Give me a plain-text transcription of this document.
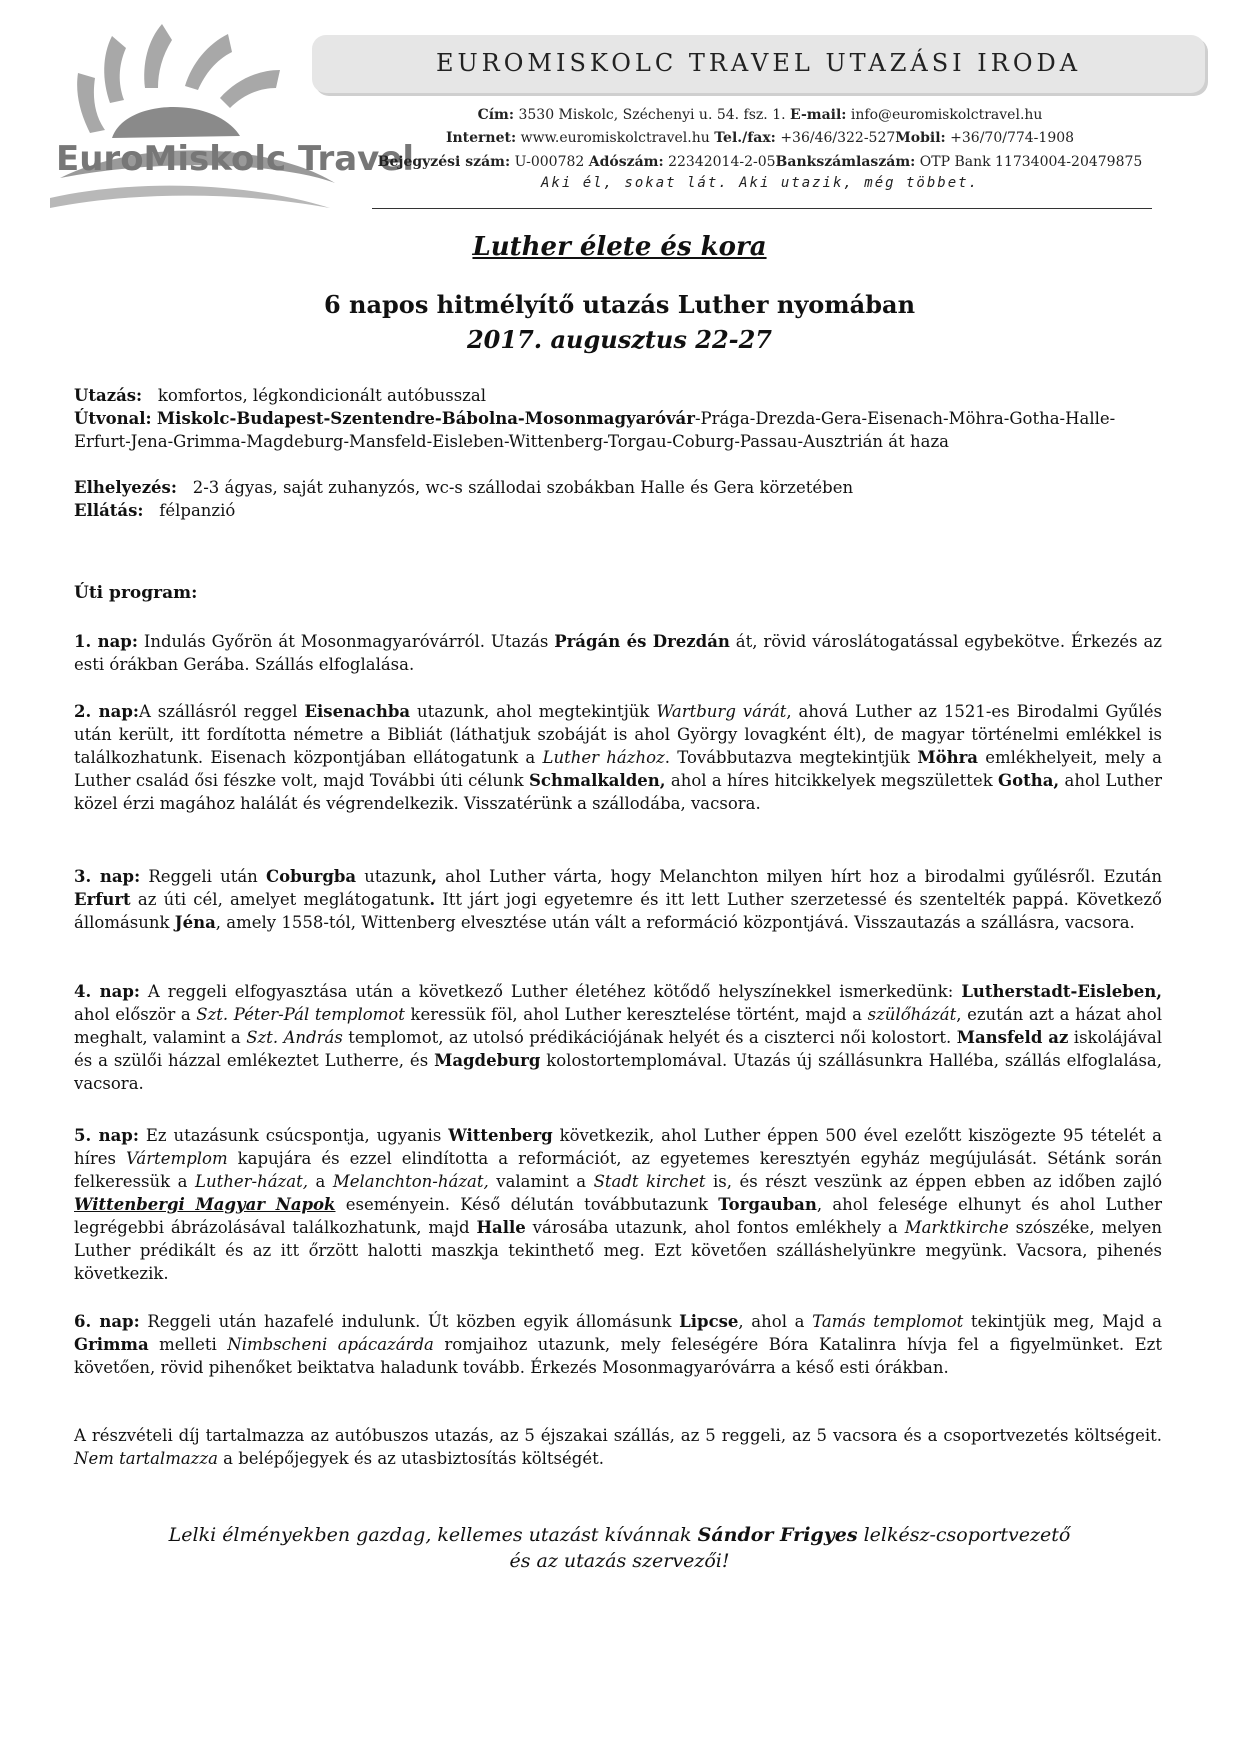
EuroMiskolc Travel
EUROMISKOLC TRAVEL UTAZÁSI IRODA
Cím: 3530 Miskolc, Széchenyi u. 54. fsz. 1. E-mail: info@euromiskolctravel.hu
Internet: www.euromiskolctravel.hu Tel./fax: +36/46/322-527Mobil: +36/70/774-1908
Bejegyzési szám: U-000782 Adószám: 22342014-2-05Bankszámlaszám: OTP Bank 11734004-20479875
Aki él, sokat lát. Aki utazik, még többet.
Luther élete és kora
6 napos hitmélyítő utazás Luther nyomában
2017. augusztus 22-27
Utazás: komfortos, légkondicionált autóbusszal
Útvonal: Miskolc-Budapest-Szentendre-Bábolna-Mosonmagyaróvár-Prága-Drezda-Gera-Eisenach-Möhra-Gotha-Halle-Erfurt-Jena-Grimma-Magdeburg-Mansfeld-Eisleben-Wittenberg-Torgau-Coburg-Passau-Ausztrián át haza
Elhelyezés: 2-3 ágyas, saját zuhanyzós, wc-s szállodai szobákban Halle és Gera körzetében
Ellátás: félpanzió
Úti program:
1. nap: Indulás Győrön át Mosonmagyaróvárról. Utazás Prágán és Drezdán át, rövid városlátogatással egybekötve. Érkezés az esti órákban Gerába. Szállás elfoglalása.
2. nap:A szállásról reggel Eisenachba utazunk, ahol megtekintjük Wartburg várát, ahová Luther az 1521-es Birodalmi Gyűlés után került, itt fordította németre a Bibliát (láthatjuk szobáját is ahol György lovagként élt), de magyar történelmi emlékkel is találkozhatunk. Eisenach központjában ellátogatunk a Luther házhoz. Továbbutazva megtekintjük Möhra emlékhelyeit, mely a Luther család ősi fészke volt, majd További úti célunk Schmalkalden, ahol a híres hitcikkelyek megszülettek Gotha, ahol Luther közel érzi magához halálát és végrendelkezik. Visszatérünk a szállodába, vacsora.
3. nap: Reggeli után Coburgba utazunk, ahol Luther várta, hogy Melanchton milyen hírt hoz a birodalmi gyűlésről. Ezután Erfurt az úti cél, amelyet meglátogatunk. Itt járt jogi egyetemre és itt lett Luther szerzetessé és szentelték pappá. Következő állomásunk Jéna, amely 1558-tól, Wittenberg elvesztése után vált a reformáció központjává. Visszautazás a szállásra, vacsora.
4. nap: A reggeli elfogyasztása után a következő Luther életéhez kötődő helyszínekkel ismerkedünk: Lutherstadt-Eisleben, ahol először a Szt. Péter-Pál templomot keressük föl, ahol Luther keresztelése történt, majd a szülőházát, ezután azt a házat ahol meghalt, valamint a Szt. András templomot, az utolsó prédikációjának helyét és a ciszterci női kolostort. Mansfeld az iskolájával és a szülői házzal emlékeztet Lutherre, és Magdeburg kolostortemplomával. Utazás új szállásunkra Halléba, szállás elfoglalása, vacsora.
5. nap: Ez utazásunk csúcspontja, ugyanis Wittenberg következik, ahol Luther éppen 500 ével ezelőtt kiszögezte 95 tételét a híres Vártemplom kapujára és ezzel elindította a reformációt, az egyetemes keresztyén egyház megújulását. Sétánk során felkeressük a Luther-házat, a Melanchton-házat, valamint a Stadt kirchet is, és részt veszünk az éppen ebben az időben zajló Wittenbergi Magyar Napok eseményein. Késő délután továbbutazunk Torgauban, ahol felesége elhunyt és ahol Luther legrégebbi ábrázolásával találkozhatunk, majd Halle városába utazunk, ahol fontos emlékhely a Marktkirche szószéke, melyen Luther prédikált és az itt őrzött halotti maszkja tekinthető meg. Ezt követően szálláshelyünkre megyünk. Vacsora, pihenés következik.
6. nap: Reggeli után hazafelé indulunk. Út közben egyik állomásunk Lipcse, ahol a Tamás templomot tekintjük meg, Majd a Grimma melleti Nimbscheni apácazárda romjaihoz utazunk, mely feleségére Bóra Katalinra hívja fel a figyelmünket. Ezt követően, rövid pihenőket beiktatva haladunk tovább. Érkezés Mosonmagyaróvárra a késő esti órákban.
A részvételi díj tartalmazza az autóbuszos utazás, az 5 éjszakai szállás, az 5 reggeli, az 5 vacsora és a csoportvezetés költségeit. Nem tartalmazza a belépőjegyek és az utasbiztosítás költségét.
Lelki élményekben gazdag, kellemes utazást kívánnak Sándor Frigyes lelkész-csoportvezető
és az utazás szervezői!
